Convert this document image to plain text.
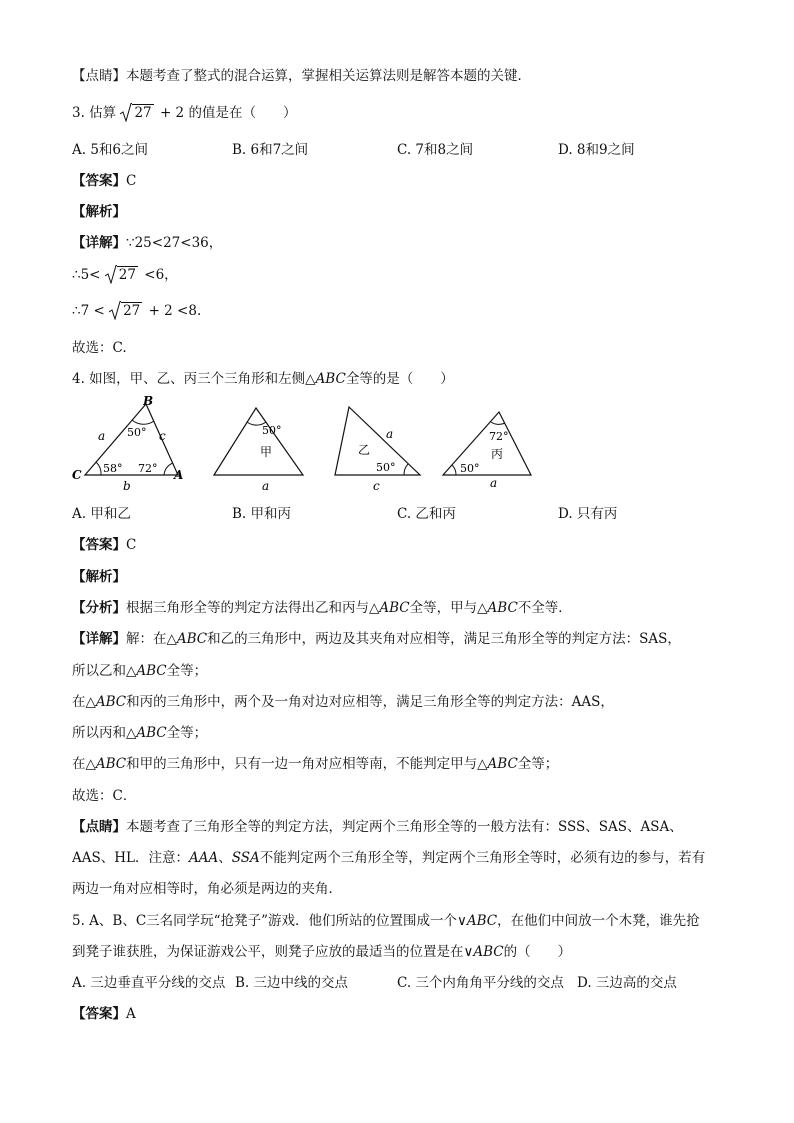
【点睛】本题考查了整式的混合运算，掌握相关运算法则是解答本题的关键．
3. 估算 27 + 2 的值是在（　　）
A. 5和6之间	B. 6和7之间	C. 7和8之间	D. 8和9之间
【答案】C
【解析】
【详解】∵25<27<36，
∴5< 27 <6，
∴7 < 27 + 2 <8.
故选：C.
4. 如图，甲、乙、丙三个三角形和左侧△ABC全等的是（　　）
B
C	A
a	c
b
50°
58° 72°
50°
甲
a
a
乙
50°
c
72°
丙
50°
a
A. 甲和乙	B. 甲和丙	C. 乙和丙	D. 只有丙
【答案】C
【解析】
【分析】根据三角形全等的判定方法得出乙和丙与△ABC全等，甲与△ABC不全等．
【详解】解：在△ABC和乙的三角形中，两边及其夹角对应相等，满足三角形全等的判定方法：SAS，
所以乙和△ABC全等；
在△ABC和丙的三角形中，两个及一角对边对应相等，满足三角形全等的判定方法：AAS，
所以丙和△ABC全等；
在△ABC和甲的三角形中，只有一边一角对应相等南，不能判定甲与△ABC全等；
故选：C．
【点睛】本题考查了三角形全等的判定方法，判定两个三角形全等的一般方法有：SSS、SAS、ASA、
AAS、HL．注意：AAA、SSA不能判定两个三角形全等，判定两个三角形全等时，必须有边的参与，若有
两边一角对应相等时，角必须是两边的夹角．
5. A、B、C三名同学玩“抢凳子”游戏．他们所站的位置围成一个∨ABC，在他们中间放一个木凳，谁先抢
到凳子谁获胜，为保证游戏公平，则凳子应放的最适当的位置是在∨ABC的（　　）
A. 三边垂直平分线的交点 B. 三边中线的交点	C. 三个内角角平分线的交点 D. 三边高的交点
【答案】A
